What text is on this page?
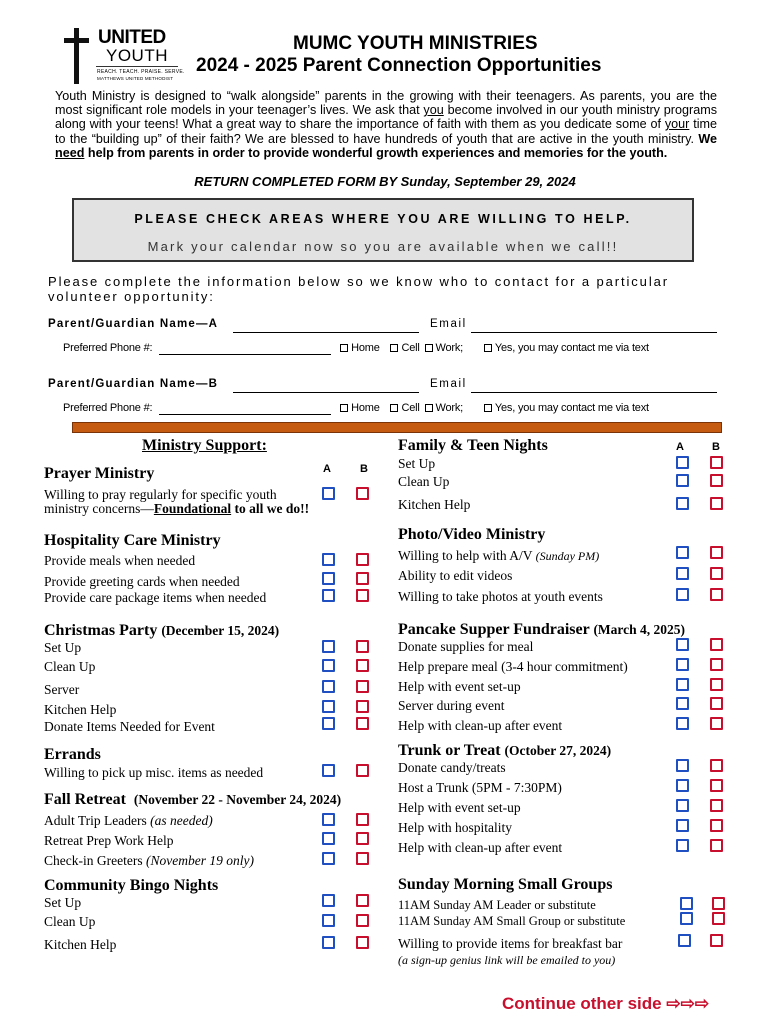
UNITED
YOUTH
REACH. TEACH. PRAISE. SERVE.
MATTHEWS UNITED METHODIST
MUMC YOUTH MINISTRIES
2024 - 2025 Parent Connection Opportunities
Youth Ministry is designed to “walk alongside” parents in the growing with their teenagers. As parents, you are the most significant role models in your teenager’s lives. We ask that you become involved in our youth ministry programs along with your teens! What a great way to share the importance of faith with them as you dedicate some of your time to the “building up” of their faith? We are blessed to have hundreds of youth that are active in the youth ministry. We need help from parents in order to provide wonderful growth experiences and memories for the youth.
RETURN COMPLETED FORM BY Sunday, September 29, 2024
PLEASE CHECK AREAS WHERE YOU ARE WILLING TO HELP.
Mark your calendar now so you are available when we call!!
Please complete the information below so we know who to contact for a particular volunteer opportunity:
Parent/Guardian Name—A	Email
Preferred Phone #:	Home Cell Work;	Yes, you may contact me via text
Parent/Guardian Name—B	Email
Preferred Phone #:	Home Cell Work;	Yes, you may contact me via text
Ministry Support:
A	B
Prayer Ministry
Willing to pray regularly for specific youth
ministry concerns—Foundational to all we do!!
Hospitality Care Ministry
Provide meals when needed
Provide greeting cards when needed
Provide care package items when needed
Christmas Party (December 15, 2024)
Set Up
Clean Up
Server
Kitchen Help
Donate Items Needed for Event
Errands
Willing to pick up misc. items as needed
Fall Retreat (November 22 - November 24, 2024)
Adult Trip Leaders (as needed)
Retreat Prep Work Help
Check-in Greeters (November 19 only)
Community Bingo Nights
Set Up
Clean Up
Kitchen Help
Family & Teen Nights	A	B
Set Up
Clean Up
Kitchen Help
Photo/Video Ministry
Willing to help with A/V (Sunday PM)
Ability to edit videos
Willing to take photos at youth events
Pancake Supper Fundraiser (March 4, 2025)
Donate supplies for meal
Help prepare meal (3-4 hour commitment)
Help with event set-up
Server during event
Help with clean-up after event
Trunk or Treat (October 27, 2024)
Donate candy/treats
Host a Trunk (5PM - 7:30PM)
Help with event set-up
Help with hospitality
Help with clean-up after event
Sunday Morning Small Groups
11AM Sunday AM Leader or substitute
11AM Sunday AM Small Group or substitute
Willing to provide items for breakfast bar
(a sign-up genius link will be emailed to you)
Continue other side ⇨⇨⇨
